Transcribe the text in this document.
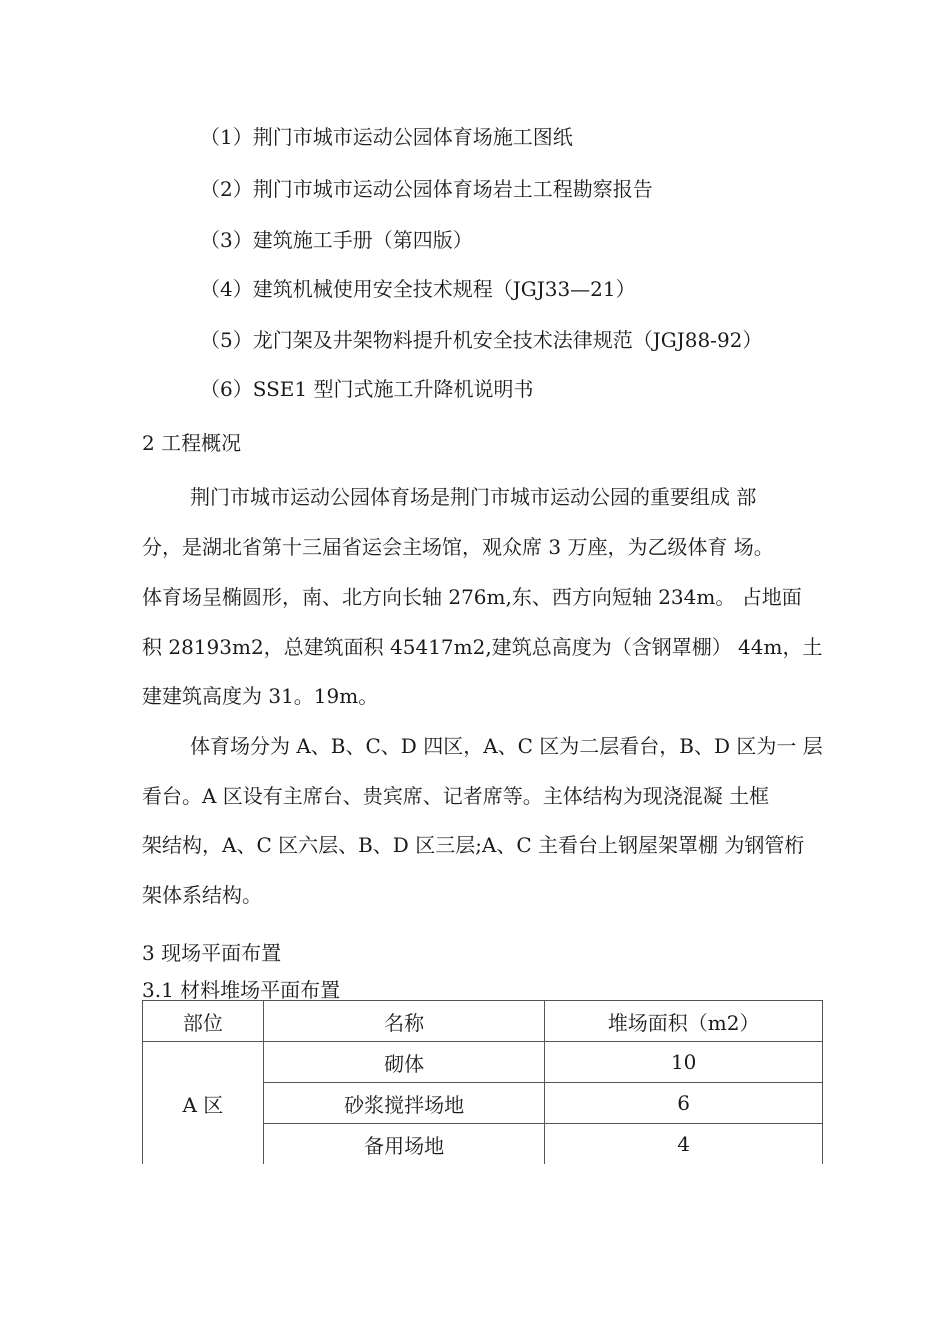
（1）荆门市城市运动公园体育场施工图纸
（2）荆门市城市运动公园体育场岩土工程勘察报告
（3）建筑施工手册（第四版）
（4）建筑机械使用安全技术规程（JGJ33—21）
（5）龙门架及井架物料提升机安全技术法律规范（JGJ88-92）
（6）SSE1 型门式施工升降机说明书
2 工程概况
荆门市城市运动公园体育场是荆门市城市运动公园的重要组成 部
分，是湖北省第十三届省运会主场馆，观众席 3 万座，为乙级体育 场。
体育场呈椭圆形，南、北方向长轴 276m,东、西方向短轴 234m。 占地面
积 28193m2，总建筑面积 45417m2,建筑总高度为（含钢罩棚） 44m，土
建建筑高度为 31。19m。
体育场分为 A、B、C、D 四区，A、C 区为二层看台，B、D 区为一 层
看台。A 区设有主席台、贵宾席、记者席等。主体结构为现浇混凝 土框
架结构，A、C 区六层、B、D 区三层;A、C 主看台上钢屋架罩棚 为钢管桁
架体系结构。
3 现场平面布置
3.1 材料堆场平面布置
部位	名称	堆场面积（m2）
A 区	砌体	10
	砂浆搅拌场地	6
	备用场地	4
